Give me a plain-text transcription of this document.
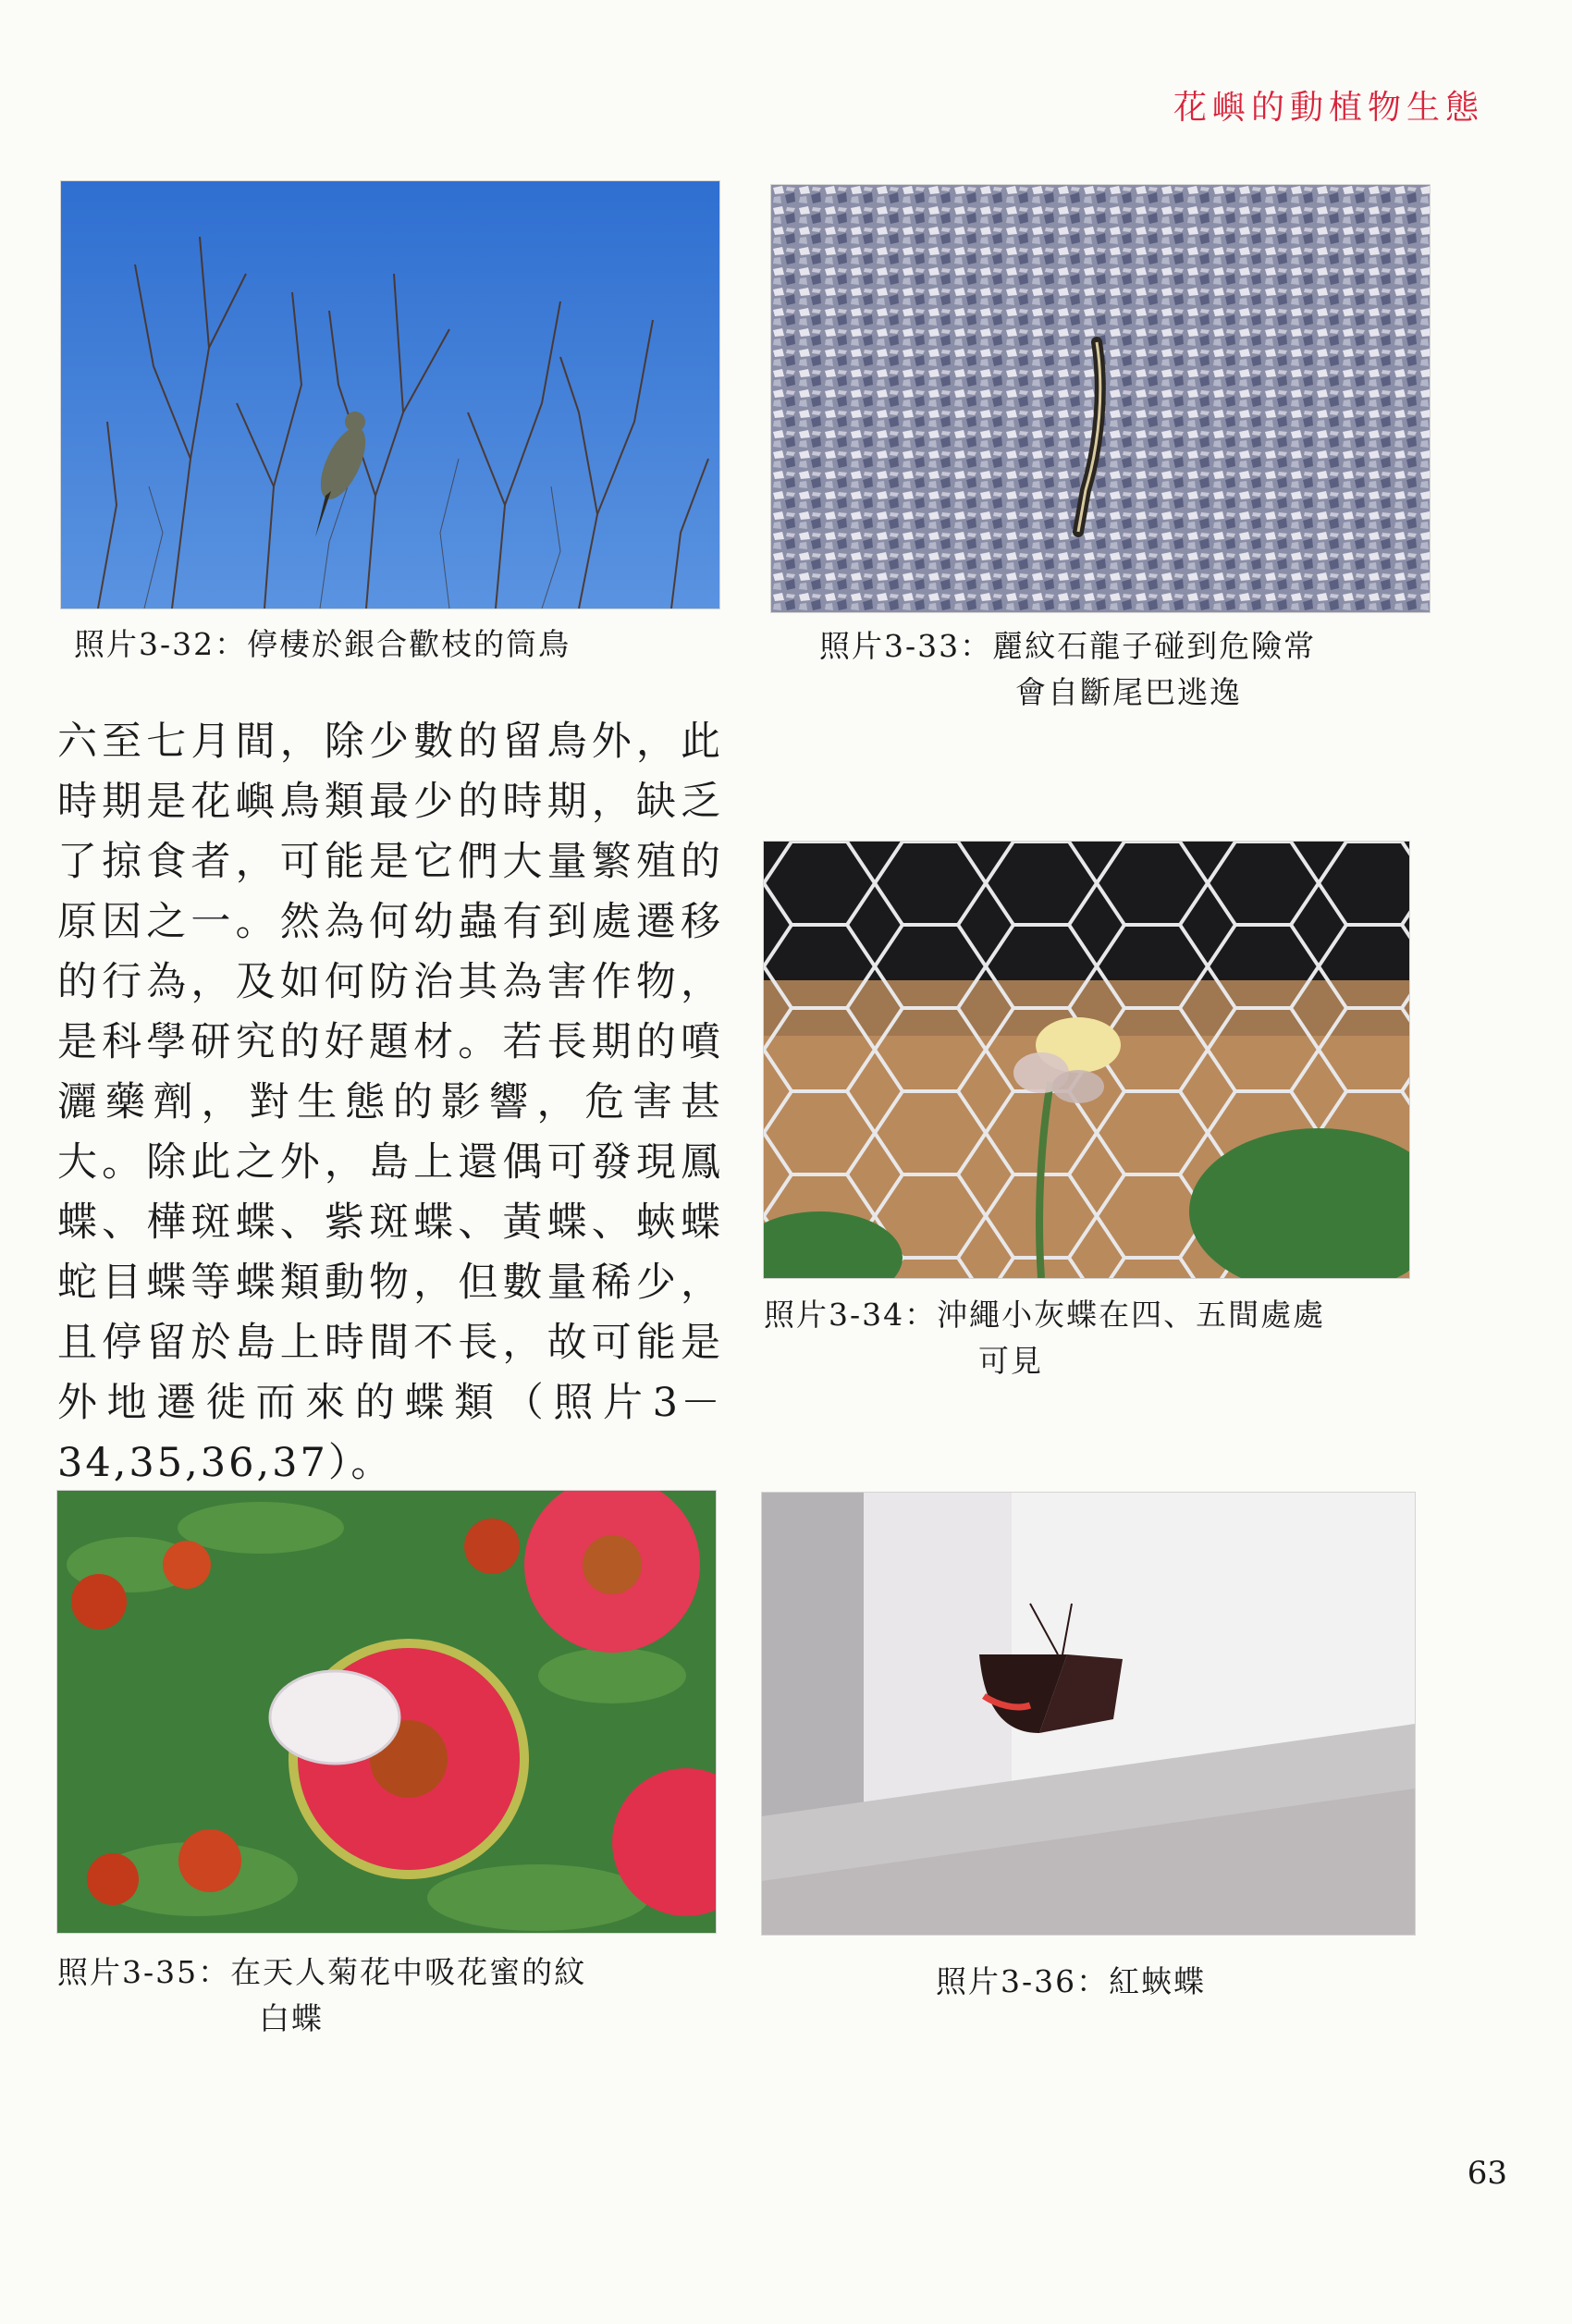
花嶼的動植物生態
照片3-32：停棲於銀合歡枝的筒鳥	照片3-33：麗紋石龍子碰到危險常
會自斷尾巴逃逸
六至七月間，除少數的留鳥外，此時期是花嶼鳥類最少的時期，缺乏了掠食者，可能是它們大量繁殖的原因之一。然為何幼蟲有到處遷移的行為，及如何防治其為害作物，是科學研究的好題材。若長期的噴灑藥劑，對生態的影響，危害甚大。除此之外，島上還偶可發現鳳蝶、樺斑蝶、紫斑蝶、黃蝶、蛺蝶蛇目蝶等蝶類動物，但數量稀少，且停留於島上時間不長，故可能是外地遷徙而來的蝶類（照片3－34,35,36,37）。
照片3-34：沖繩小灰蝶在四、五間處處
可見
照片3-35：在天人菊花中吸花蜜的紋
白蝶
照片3-36：紅蛺蝶
63
